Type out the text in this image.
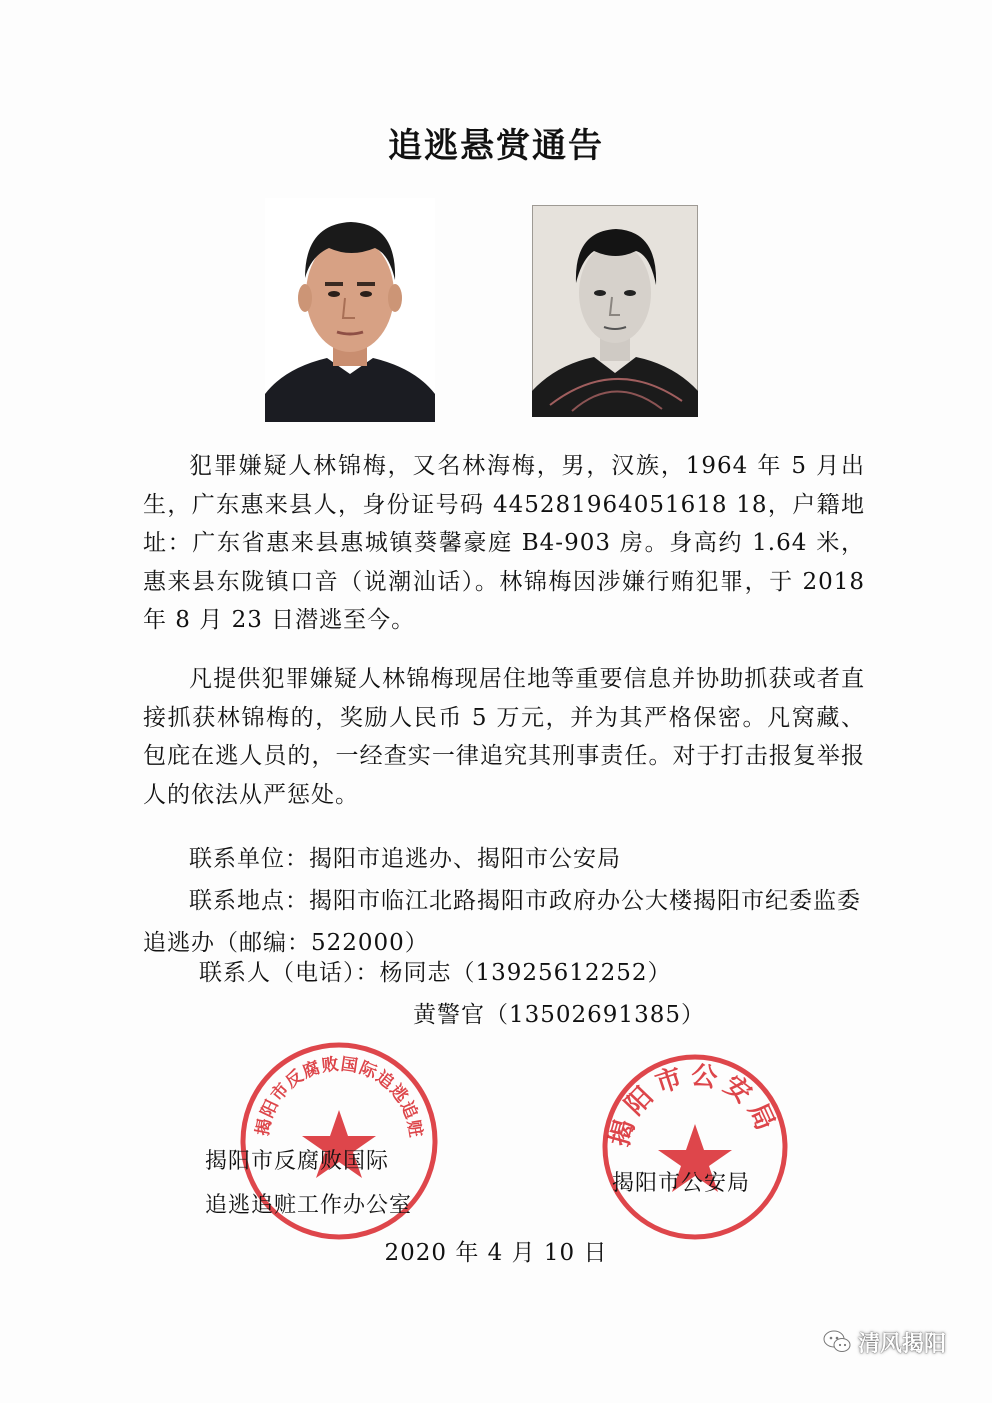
追逃悬赏通告

犯罪嫌疑人林锦梅，又名林海梅，男，汉族，1964 年 5 月出生，广东惠来县人，身份证号码 445281964051618 18，户籍地址：广东省惠来县惠城镇葵馨豪庭 B4-903 房。身高约 1.64 米，惠来县东陇镇口音（说潮汕话）。林锦梅因涉嫌行贿犯罪，于 2018 年 8 月 23 日潜逃至今。

凡提供犯罪嫌疑人林锦梅现居住地等重要信息并协助抓获或者直接抓获林锦梅的，奖励人民币 5 万元，并为其严格保密。凡窝藏、包庇在逃人员的，一经查实一律追究其刑事责任。对于打击报复举报人的依法从严惩处。

联系单位：揭阳市追逃办、揭阳市公安局

联系地点：揭阳市临江北路揭阳市政府办公大楼揭阳市纪委监委追逃办（邮编：522000）

联系人（电话）：杨同志（13925612252）

黄警官（13502691385）

揭阳市反腐败国际追逃追赃	揭阳市公安局
揭阳市反腐败国际
追逃追赃工作办公室
揭阳市公安局
2020 年 4 月 10 日
清风揭阳
